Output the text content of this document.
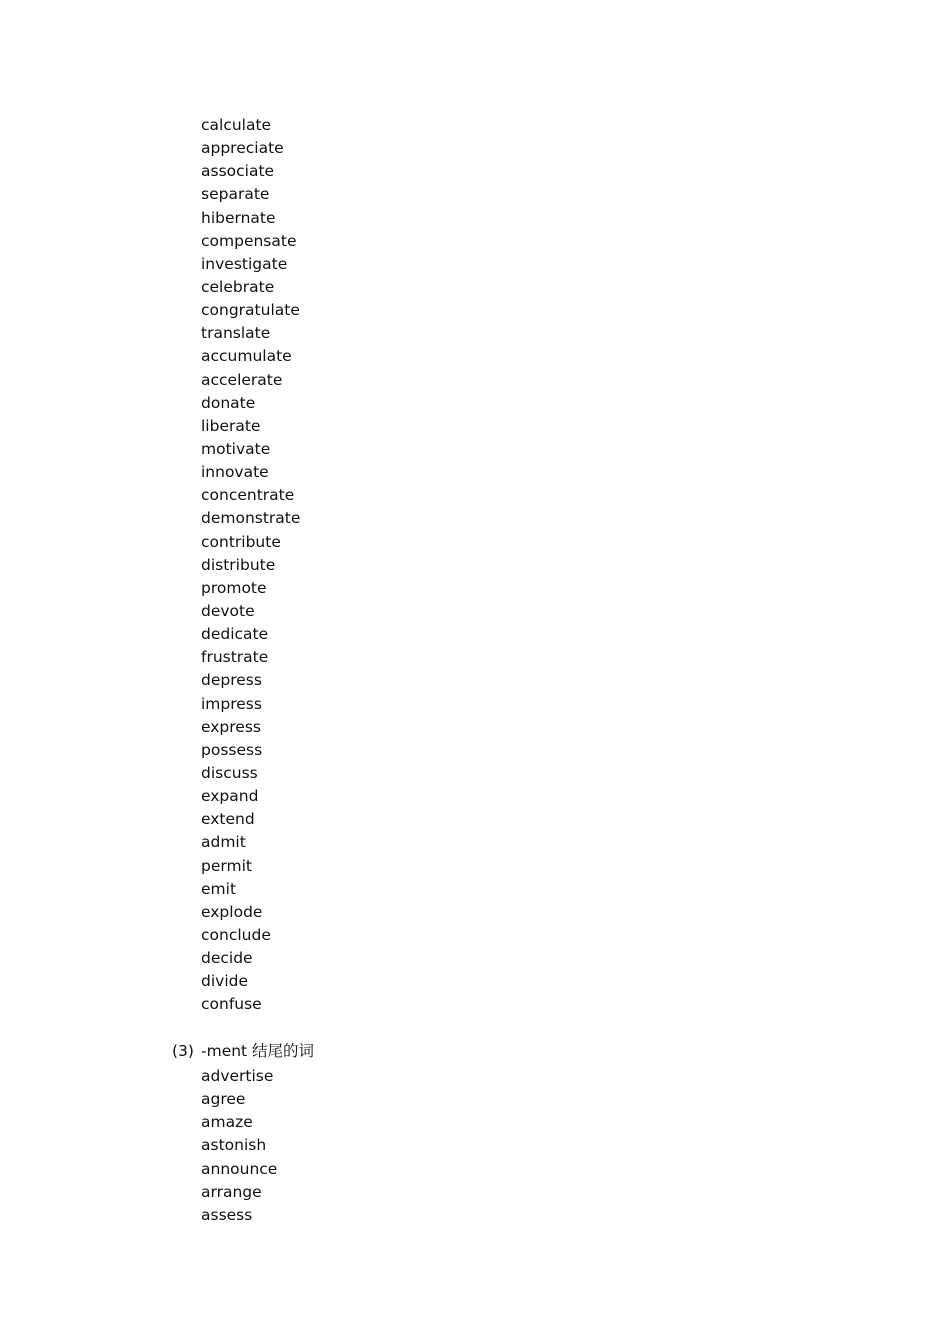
calculate
appreciate
associate
separate
hibernate
compensate
investigate
celebrate
congratulate
translate
accumulate
accelerate
donate
liberate
motivate
innovate
concentrate
demonstrate
contribute
distribute
promote
devote
dedicate
frustrate
depress
impress
express
possess
discuss
expand
extend
admit
permit
emit
explode
conclude
decide
divide
confuse
(3) -ment 结尾的词
advertise
agree
amaze
astonish
announce
arrange
assess
